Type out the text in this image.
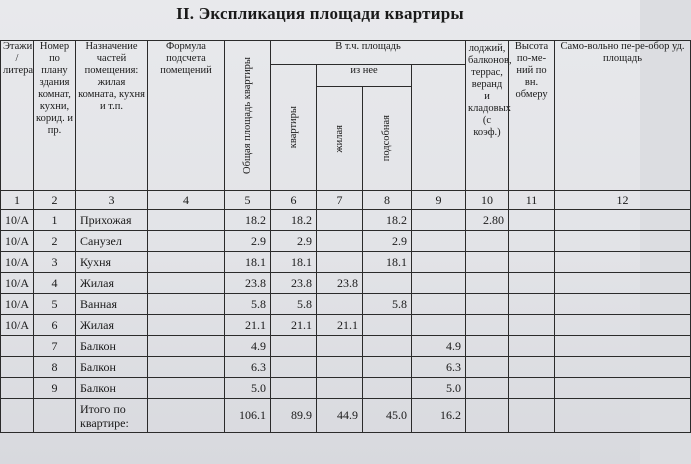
II. Экспликация площади квартиры
Этажи / литера	Номер по плану здания комнат, кухни, корид. и пр.	Назначение частей помещения: жилая комната, кухня и т.п.	Формула подсчета помещений	Общая площадь квартиры	В т.ч. площадь				лоджий, балконов, террас, веранд и кладовых (с коэф.)	Высота по-ме-ний по вн. обмеру	Само-вольно пе-ре-обор уд. площадь	

					квартиры	из нее						

						жилая	подсобная					

1	2	3	4	5	6	7	8	9	10	11	12	
10/А	1	Прихожая		18.2	18.2		18.2		2.80			
10/А	2	Санузел		2.9	2.9		2.9					
10/А	3	Кухня		18.1	18.1		18.1					
10/А	4	Жилая		23.8	23.8	23.8						
10/А	5	Ванная		5.8	5.8		5.8					
10/А	6	Жилая		21.1	21.1	21.1						
	7	Балкон		4.9				4.9				
	8	Балкон		6.3				6.3				
	9	Балкон		5.0				5.0				
		Итого по квартире:		106.1	89.9	44.9	45.0	16.2				
